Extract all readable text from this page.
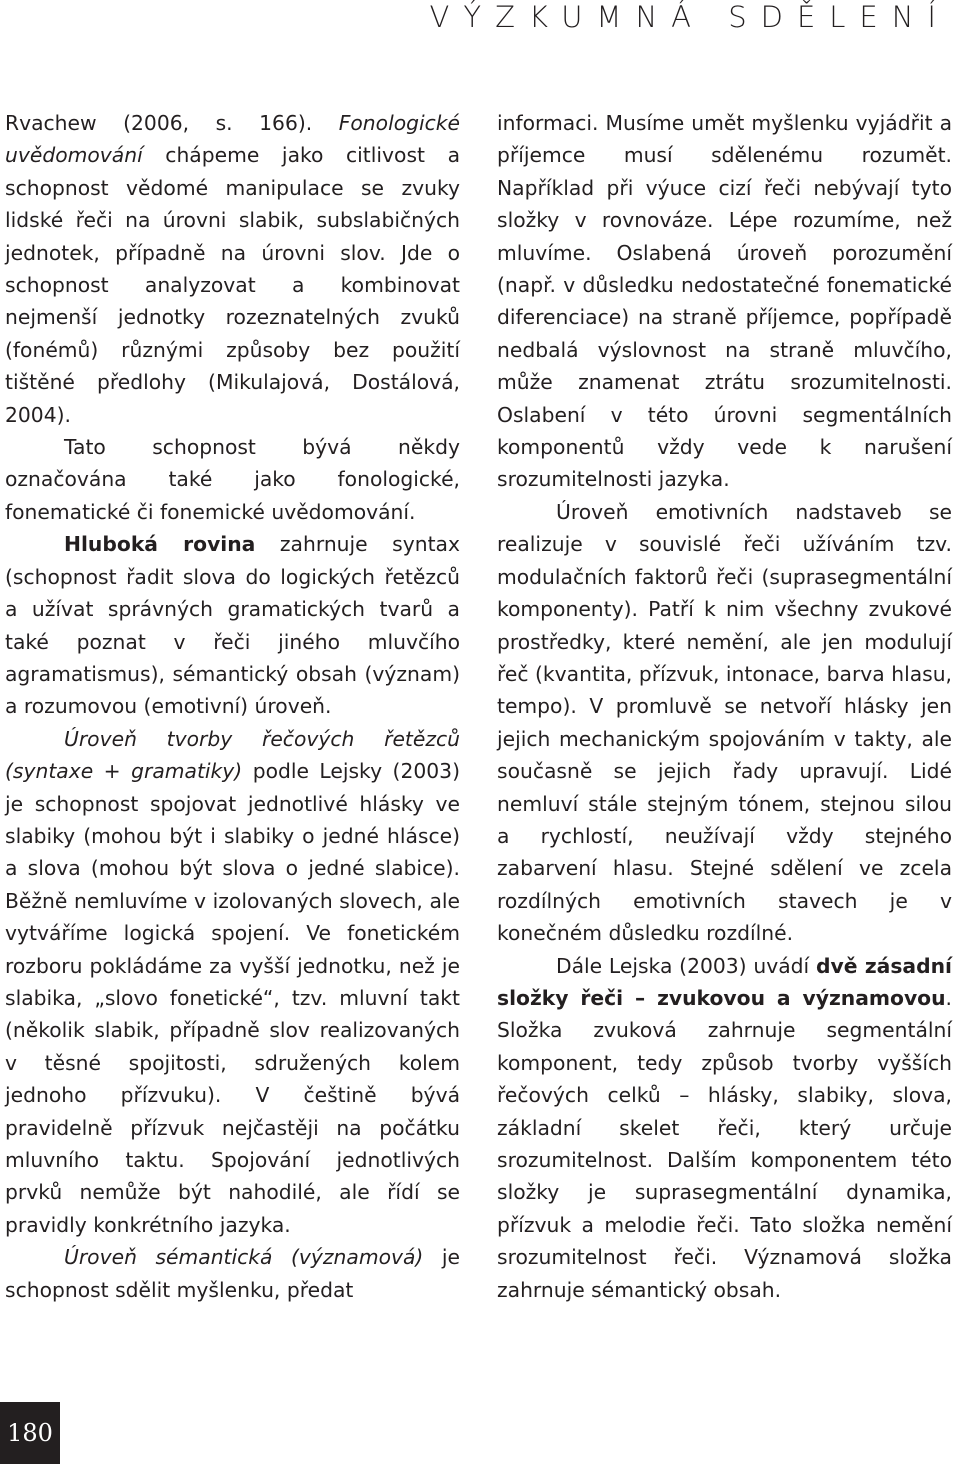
VÝZKUMNÁ SDĚLENÍ

Rvachew (2006, s. 166). Fonologické uvědomování chápeme jako citlivost a schopnost vědomé manipulace se zvuky lidské řeči na úrovni slabik, subslabičných jednotek, případně na úrovni slov. Jde o schopnost analyzovat a kombinovat nejmenší jednotky rozeznatelných zvuků (fonémů) různými způsoby bez použití tištěné předlohy (Mikulajová, Dostálová, 2004).

Tato schopnost bývá někdy označována také jako fonologické, fonematické či fonemické uvědomování.

Hluboká rovina zahrnuje syntax (schopnost řadit slova do logických řetězců a užívat správných gramatických tvarů a také poznat v řeči jiného mluvčího agramatismus), sémantický obsah (význam) a rozumovou (emotivní) úroveň.

Úroveň tvorby řečových řetězců (syntaxe + gramatiky) podle Lejsky (2003) je schopnost spojovat jednotlivé hlásky ve slabiky (mohou být i slabiky o jedné hlásce) a slova (mohou být slova o jedné slabice). Běžně nemluvíme v izolovaných slovech, ale vytváříme logická spojení. Ve fonetickém rozboru pokládáme za vyšší jednotku, než je slabika, „slovo fonetické“, tzv. mluvní takt (několik slabik, případně slov realizovaných v těsné spojitosti, sdružených kolem jednoho přízvuku). V češtině bývá pravidelně přízvuk nejčastěji na počátku mluvního taktu. Spojování jednotlivých prvků nemůže být nahodilé, ale řídí se pravidly konkrétního jazyka.

Úroveň sémantická (významová) je schopnost sdělit myšlenku, předat

informaci. Musíme umět myšlenku vyjádřit a příjemce musí sdělenému rozumět. Například při výuce cizí řeči nebývají tyto složky v rovnováze. Lépe rozumíme, než mluvíme. Oslabená úroveň porozumění (např. v důsledku nedostatečné fonematické diferenciace) na straně příjemce, popřípadě nedbalá výslovnost na straně mluvčího, může znamenat ztrátu srozumitelnosti. Oslabení v této úrovni segmentálních komponentů vždy vede k narušení srozumitelnosti jazyka.

Úroveň emotivních nadstaveb se realizuje v souvislé řeči užíváním tzv. modulačních faktorů řeči (suprasegmentální komponenty). Patří k nim všechny zvukové prostředky, které nemění, ale jen modulují řeč (kvantita, přízvuk, intonace, barva hlasu, tempo). V promluvě se netvoří hlásky jen jejich mechanickým spojováním v takty, ale současně se jejich řady upravují. Lidé nemluví stále stejným tónem, stejnou silou a rychlostí, neužívají vždy stejného zabarvení hlasu. Stejné sdělení ve zcela rozdílných emotivních stavech je v konečném důsledku rozdílné.

Dále Lejska (2003) uvádí dvě zásadní složky řeči – zvukovou a významovou. Složka zvuková zahrnuje segmentální komponent, tedy způsob tvorby vyšších řečových celků – hlásky, slabiky, slova, základní skelet řeči, který určuje srozumitelnost. Dalším komponentem této složky je suprasegmentální dynamika, přízvuk a melodie řeči. Tato složka nemění srozumitelnost řeči. Významová složka zahrnuje sémantický obsah.

180
